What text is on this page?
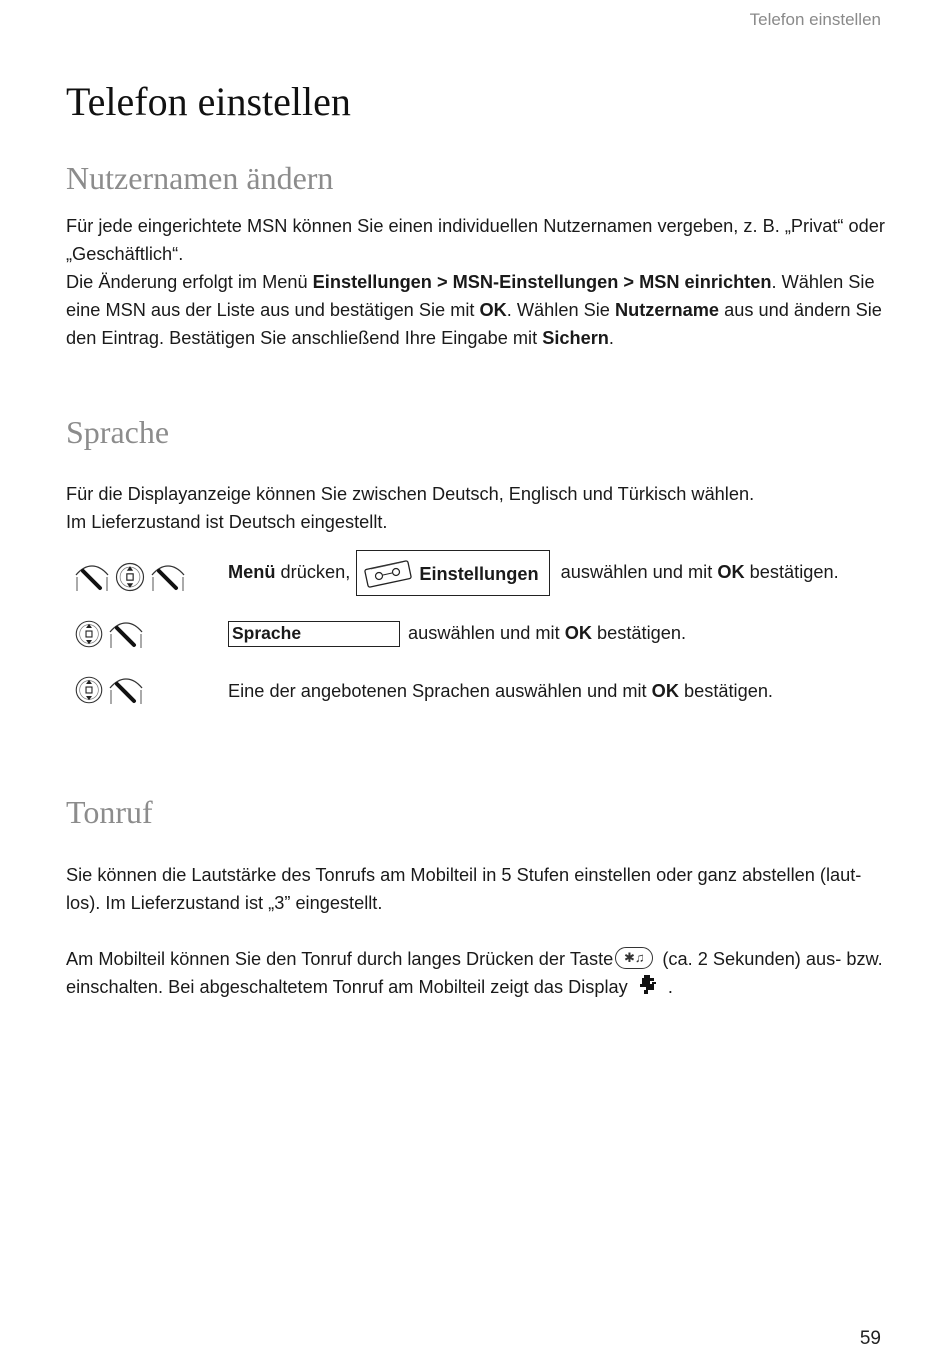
Telefon einstellen
Telefon einstellen
Nutzernamen ändern

Für jede eingerichtete MSN können Sie einen individuellen Nutzernamen vergeben, z. B. „Privat“ oder „Geschäftlich“.

Die Änderung erfolgt im Menü Einstellungen > MSN-Einstellungen > MSN einrichten. Wählen Sie eine MSN aus der Liste aus und bestätigen Sie mit OK. Wählen Sie Nutzername aus und ändern Sie den Eintrag. Bestätigen Sie anschließend Ihre Eingabe mit Sichern.

Sprache

Für die Displayanzeige können Sie zwischen Deutsch, Englisch und Türkisch wählen.
Im Lieferzustand ist Deutsch eingestellt.

Menü drücken,	Einstellungen auswählen und mit OK bestätigen.
Sprache	auswählen und mit OK bestätigen.
Eine der angebotenen Sprachen auswählen und mit OK bestätigen.
Tonruf

Sie können die Lautstärke des Tonrufs am Mobilteil in 5 Stufen einstellen oder ganz abstellen (laut-los). Im Lieferzustand ist „3” eingestellt.

Am Mobilteil können Sie den Tonruf durch langes Drücken der Taste ✱♫ (ca. 2 Sekunden) aus- bzw. einschalten. Bei abgeschaltetem Tonruf am Mobilteil zeigt das Display  .

59
